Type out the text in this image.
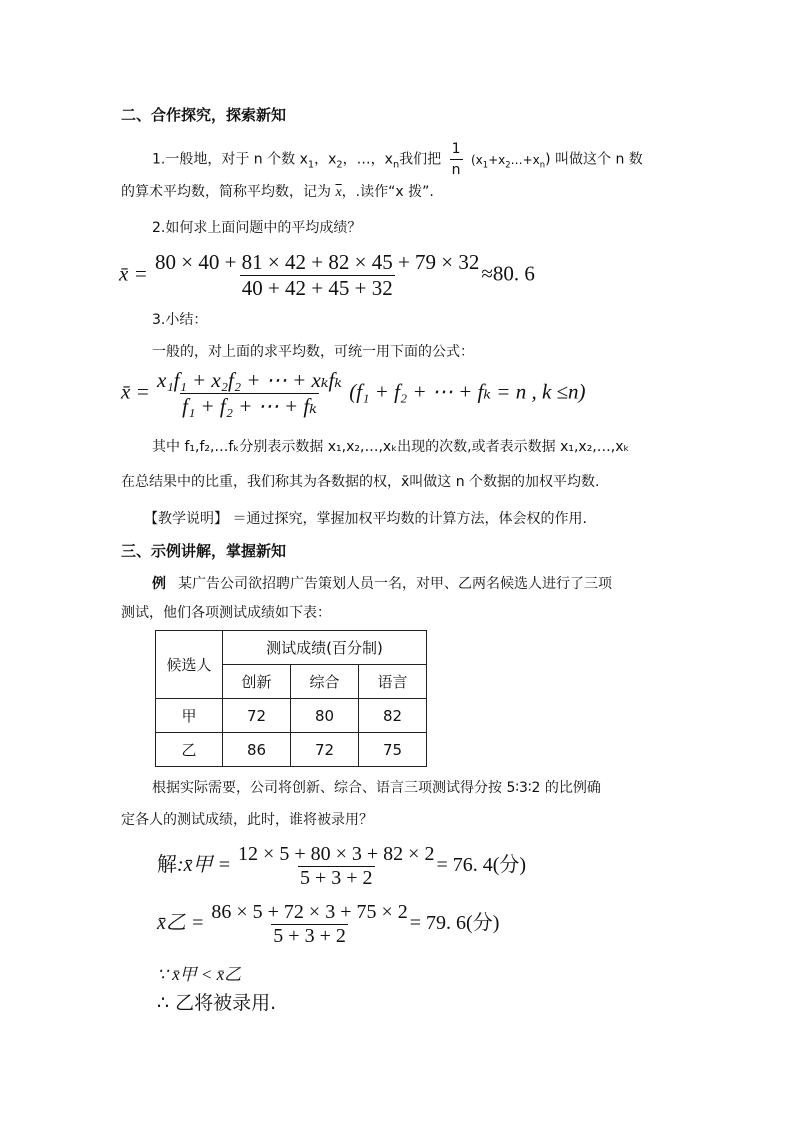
二、合作探究，探索新知
1.一般地，对于 n 个数 $x_1$，$x_2$，…，$x_n$我们把 $\frac{1}{n}$ $(x_1+x_2\dots+x_n)$ 叫做这个 n 数
的算术平均数，简称平均数，记为 $\overline{x}$，.读作“x 拨”.
2.如何求上面问题中的平均成绩？
x̄ = $\frac{80 \times 40 + 81 \times 42 + 82 \times 45 + 79 \times 32}{40 + 42 + 45 + 32} \approx 80$. 6
3.小结：
一般的，对上面的求平均数，可统一用下面的公式：
x̄ = $\frac{\text{x₁f₁ + x₂f₂ + ⋯ + xₖfₖ}}{\text{f₁ + f₂ + ⋯ + fₖ}} (f_1 + f_2$ + ⋯ + fₖ = n , k ≤n)
其中 f₁,f₂,…fₖ分别表示数据 x₁,x₂,…,xₖ出现的次数,或者表示数据 x₁,x₂,…,xₖ
在总结果中的比重，我们称其为各数据的权，x̄叫做这 n 个数据的加权平均数.
【教学说明】 ＝通过探究，掌握加权平均数的计算方法，体会权的作用.
三、示例讲解，掌握新知
例 某广告公司欲招聘广告策划人员一名，对甲、乙两名候选人进行了三项
测试，他们各项测试成绩如下表：
候选人	测试成绩(百分制)		
	创新	综合	语言
甲	72	80	82
乙	86	72	75
根据实际需要，公司将创新、综合、语言三项测试得分按 5∶3∶2 的比例确
定各人的测试成绩，此时，谁将被录用？
解:x̄甲 = $\frac{12 \times 5 + 80 \times 3 + 82 \times 2}{5 + 3 + 2} = 76$. 4(分)
x̄乙 = $\frac{86 \times 5 + 72 \times 3 + 75 \times 2}{5 + 3 + 2} = 79$. 6(分)
∵ x̄甲 < x̄乙
∴ 乙将被录用.
